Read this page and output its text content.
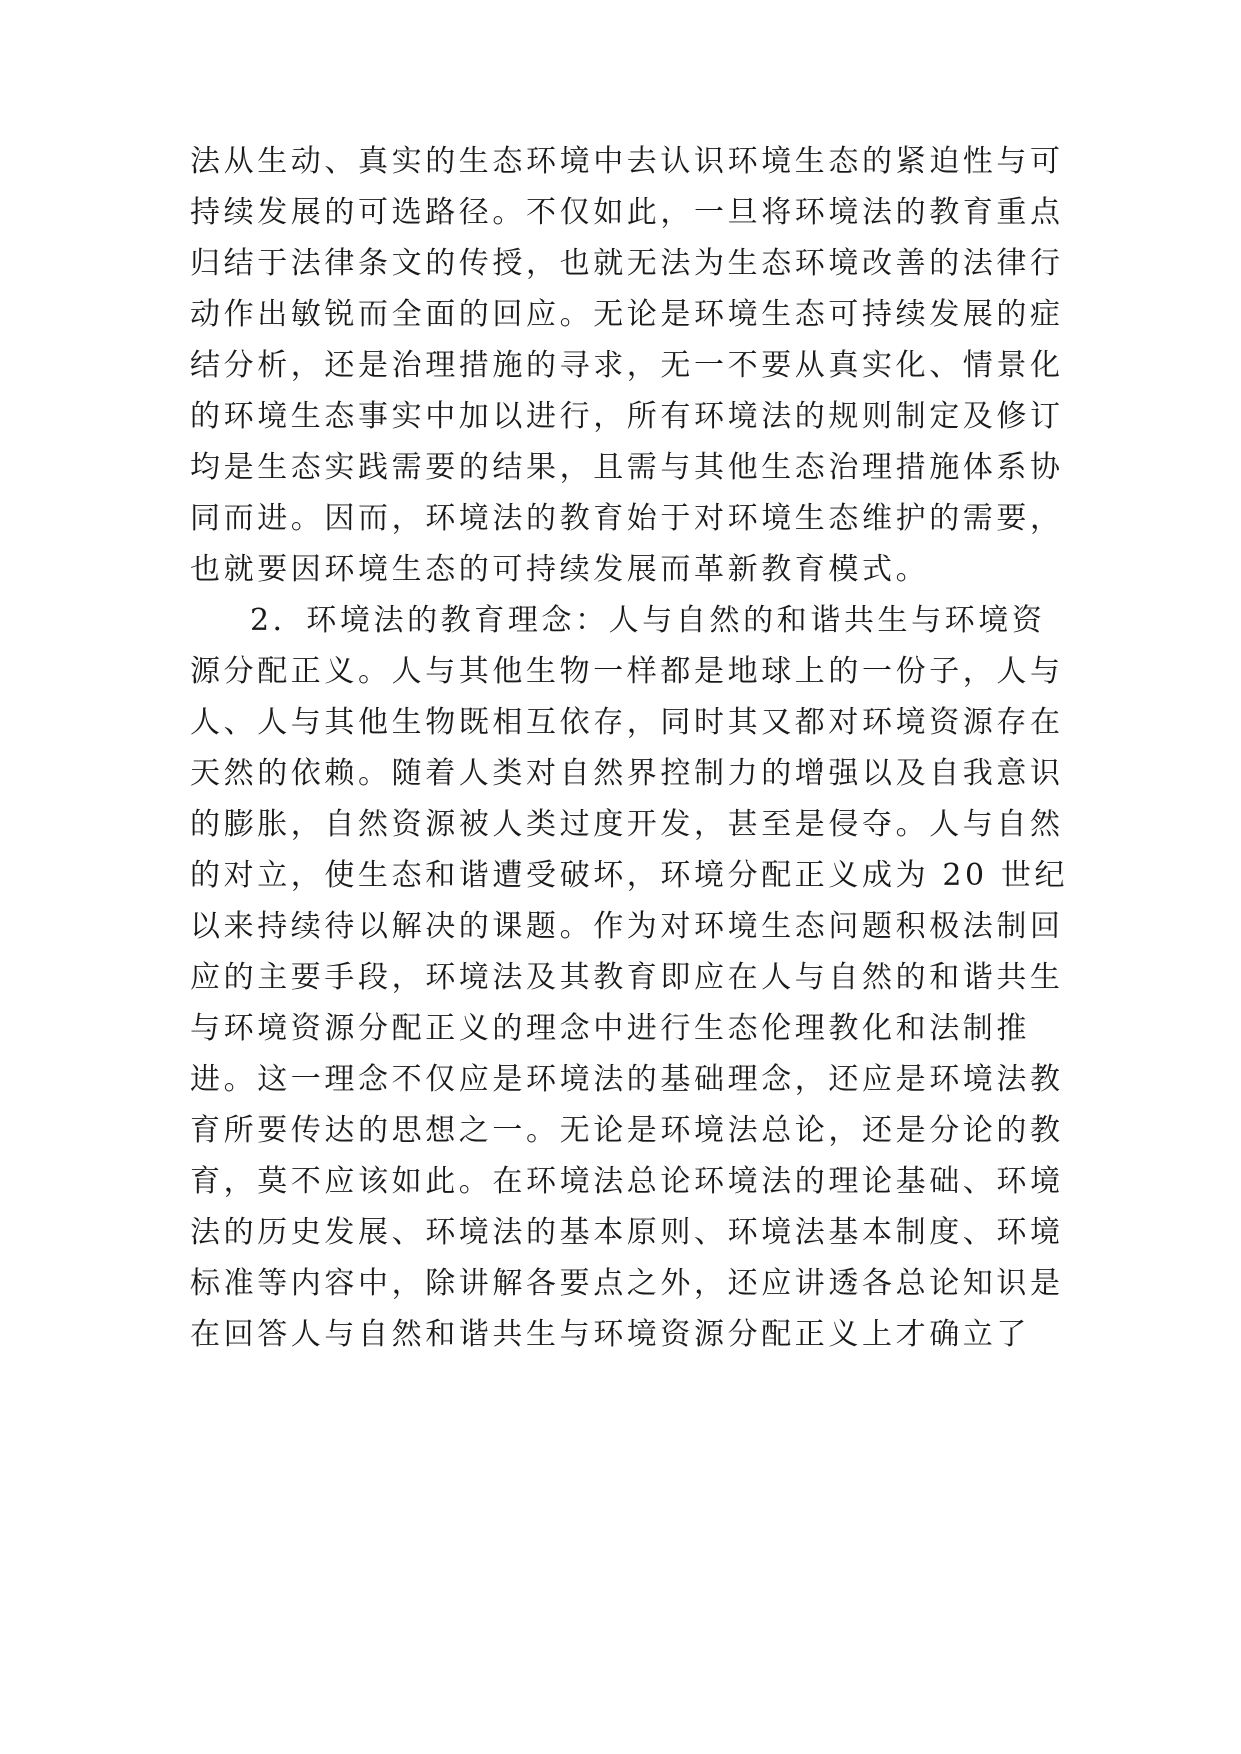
法从生动、真实的生态环境中去认识环境生态的紧迫性与可
持续发展的可选路径。不仅如此，一旦将环境法的教育重点
归结于法律条文的传授，也就无法为生态环境改善的法律行
动作出敏锐而全面的回应。无论是环境生态可持续发展的症
结分析，还是治理措施的寻求，无一不要从真实化、情景化
的环境生态事实中加以进行，所有环境法的规则制定及修订
均是生态实践需要的结果，且需与其他生态治理措施体系协
同而进。因而，环境法的教育始于对环境生态维护的需要，
也就要因环境生态的可持续发展而革新教育模式。
2．环境法的教育理念：人与自然的和谐共生与环境资
源分配正义。人与其他生物一样都是地球上的一份子，人与
人、人与其他生物既相互依存，同时其又都对环境资源存在
天然的依赖。随着人类对自然界控制力的增强以及自我意识
的膨胀，自然资源被人类过度开发，甚至是侵夺。人与自然
的对立，使生态和谐遭受破坏，环境分配正义成为 20 世纪
以来持续待以解决的课题。作为对环境生态问题积极法制回
应的主要手段，环境法及其教育即应在人与自然的和谐共生
与环境资源分配正义的理念中进行生态伦理教化和法制推
进。这一理念不仅应是环境法的基础理念，还应是环境法教
育所要传达的思想之一。无论是环境法总论，还是分论的教
育，莫不应该如此。在环境法总论环境法的理论基础、环境
法的历史发展、环境法的基本原则、环境法基本制度、环境
标准等内容中，除讲解各要点之外，还应讲透各总论知识是
在回答人与自然和谐共生与环境资源分配正义上才确立了
